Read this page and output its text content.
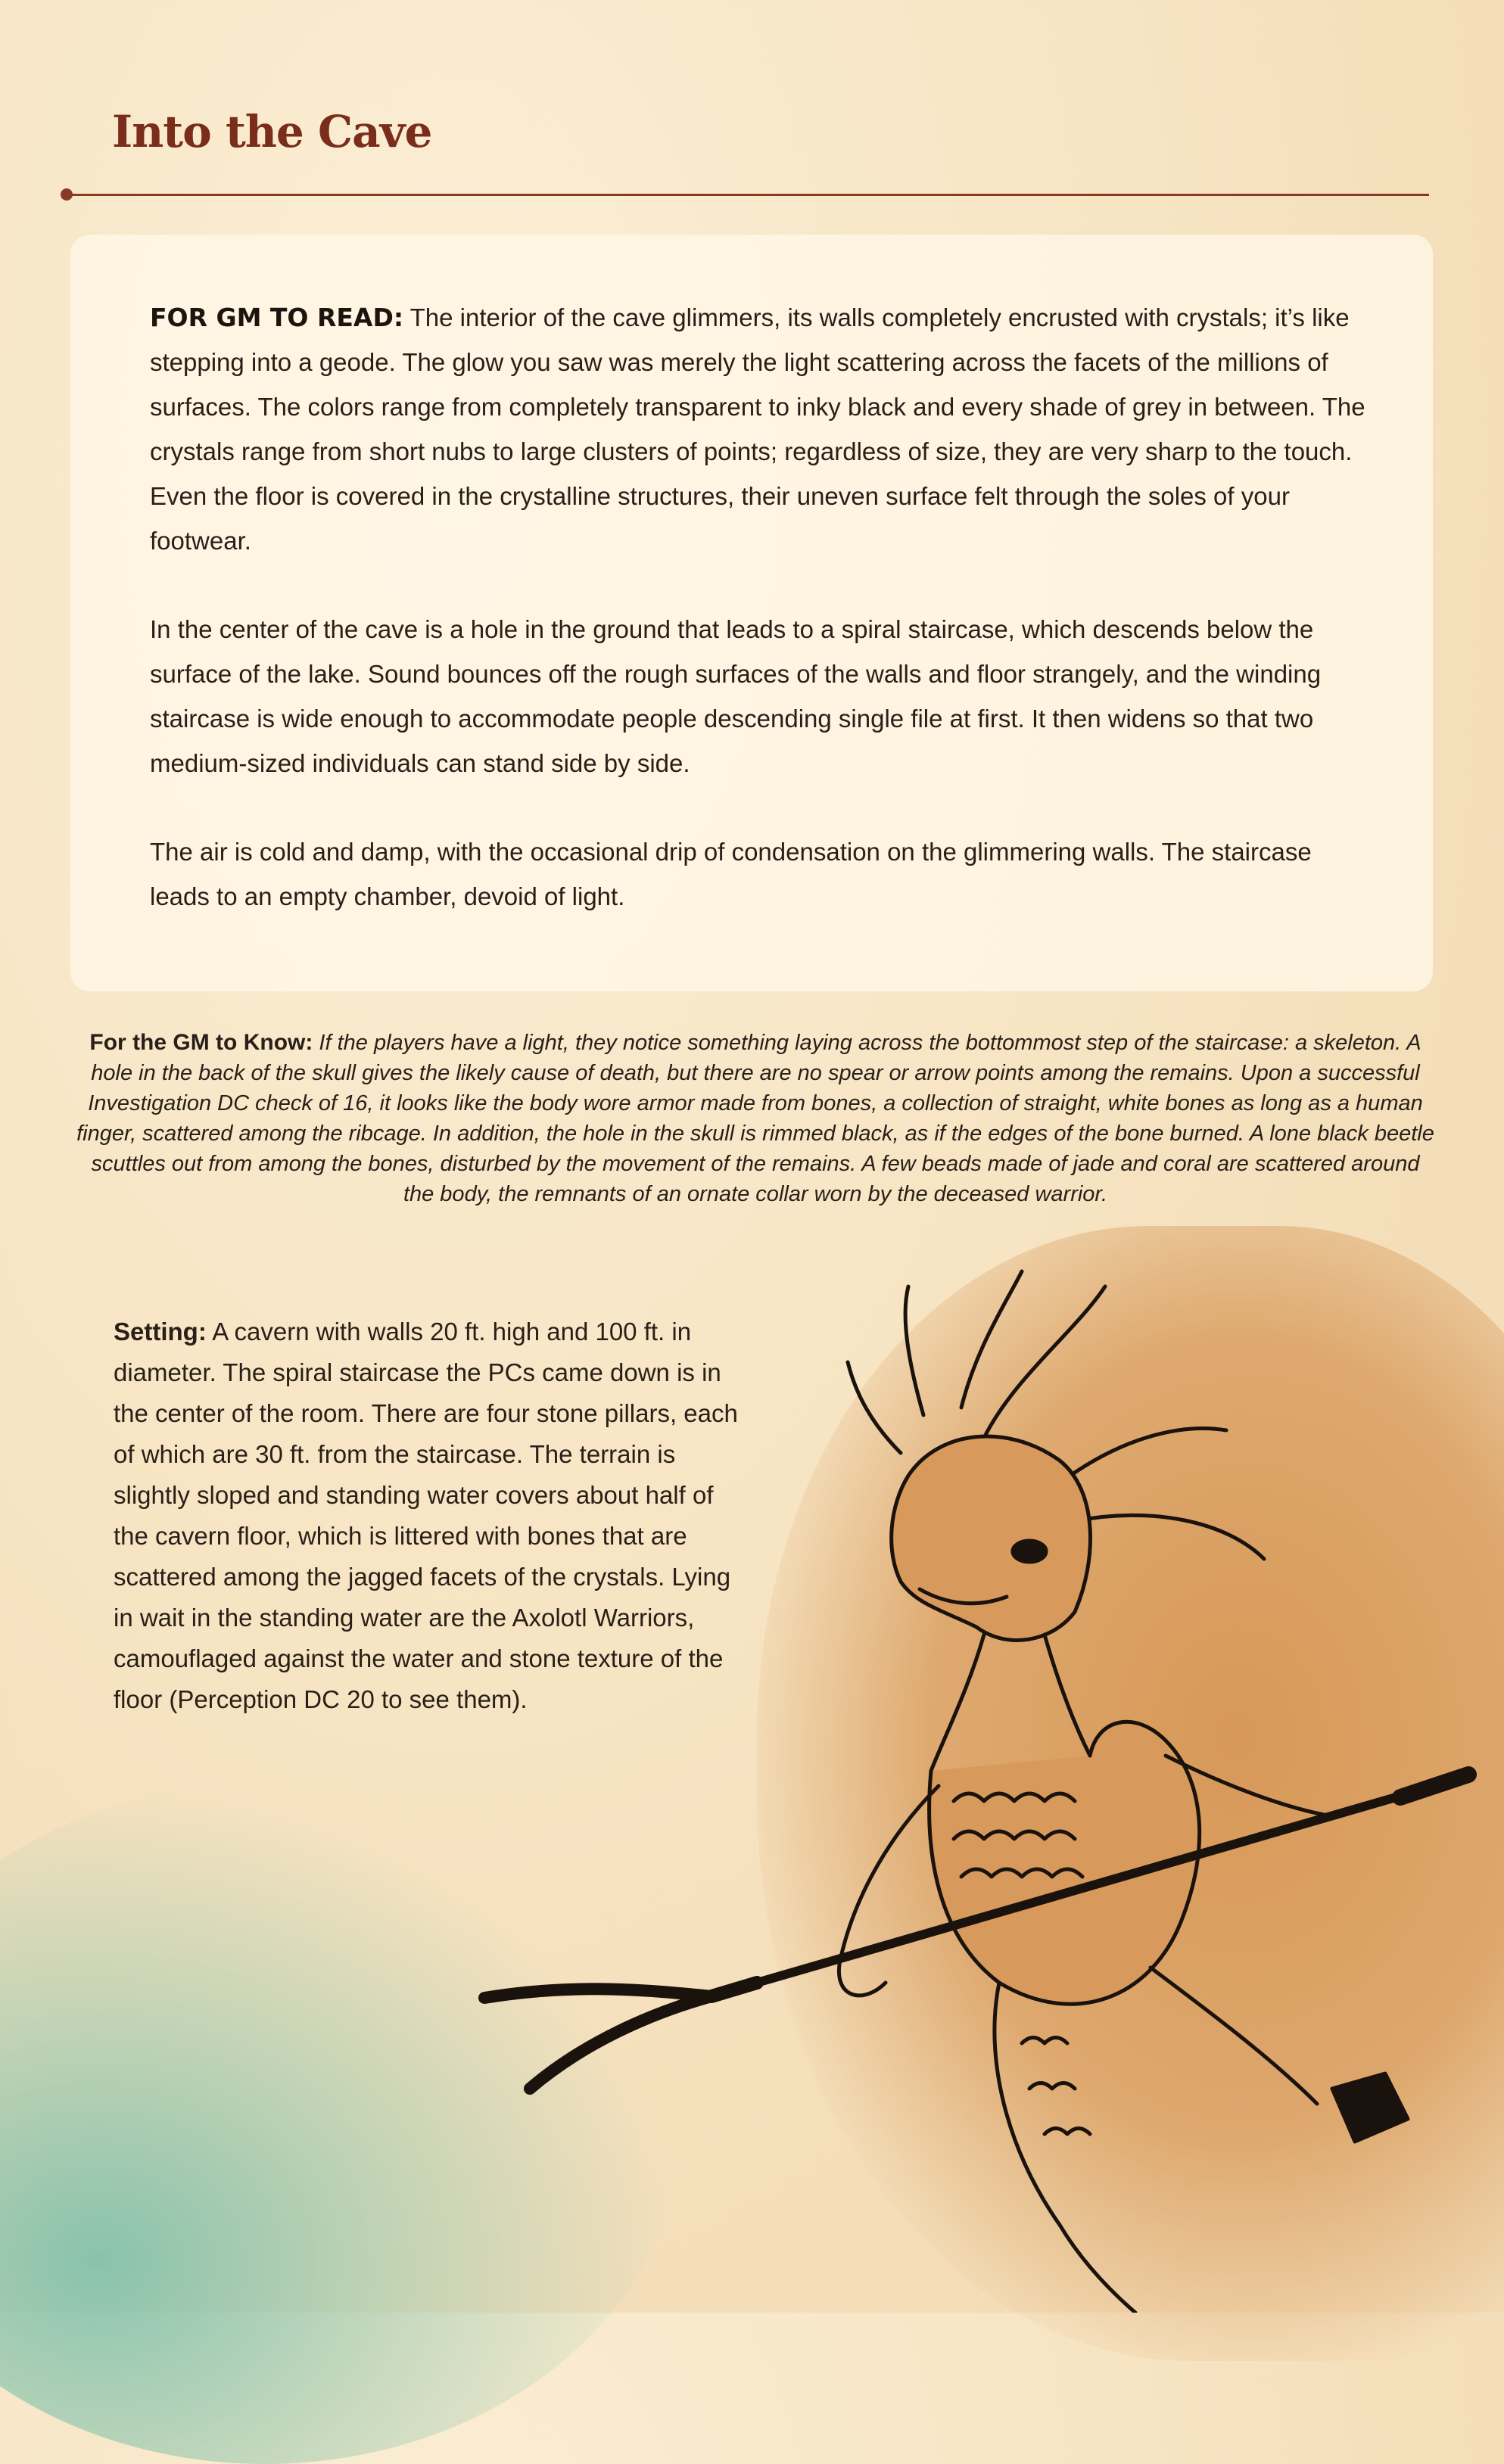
Into the Cave

FOR GM TO READ: The interior of the cave glimmers, its walls completely encrusted with crystals; it’s like stepping into a geode. The glow you saw was merely the light scattering across the facets of the millions of surfaces. The colors range from completely transparent to inky black and every shade of grey in between. The crystals range from short nubs to large clusters of points; regardless of size, they are very sharp to the touch. Even the floor is covered in the crystalline structures, their uneven surface felt through the soles of your footwear.

In the center of the cave is a hole in the ground that leads to a spiral staircase, which descends below the surface of the lake. Sound bounces off the rough surfaces of the walls and floor strangely, and the winding staircase is wide enough to accommodate people descending single file at first. It then widens so that two medium-sized individuals can stand side by side.

The air is cold and damp, with the occasional drip of condensation on the glimmering walls. The staircase leads to an empty chamber, devoid of light.

For the GM to Know: If the players have a light, they notice something laying across the bottommost step of the staircase: a skeleton. A hole in the back of the skull gives the likely cause of death, but there are no spear or arrow points among the remains. Upon a successful Investigation DC check of 16, it looks like the body wore armor made from bones, a collection of straight, white bones as long as a human finger, scattered among the ribcage. In addition, the hole in the skull is rimmed black, as if the edges of the bone burned. A lone black beetle scuttles out from among the bones, disturbed by the movement of the remains. A few beads made of jade and coral are scattered around the body, the remnants of an ornate collar worn by the deceased warrior.
Setting: A cavern with walls 20 ft. high and 100 ft. in diameter. The spiral staircase the PCs came down is in the center of the room. There are four stone pillars, each of which are 30 ft. from the staircase. The terrain is slightly sloped and standing water covers about half of the cavern floor, which is littered with bones that are scattered among the jagged facets of the crystals. Lying in wait in the standing water are the Axolotl Warriors, camouflaged against the water and stone texture of the floor (Perception DC 20 to see them).
